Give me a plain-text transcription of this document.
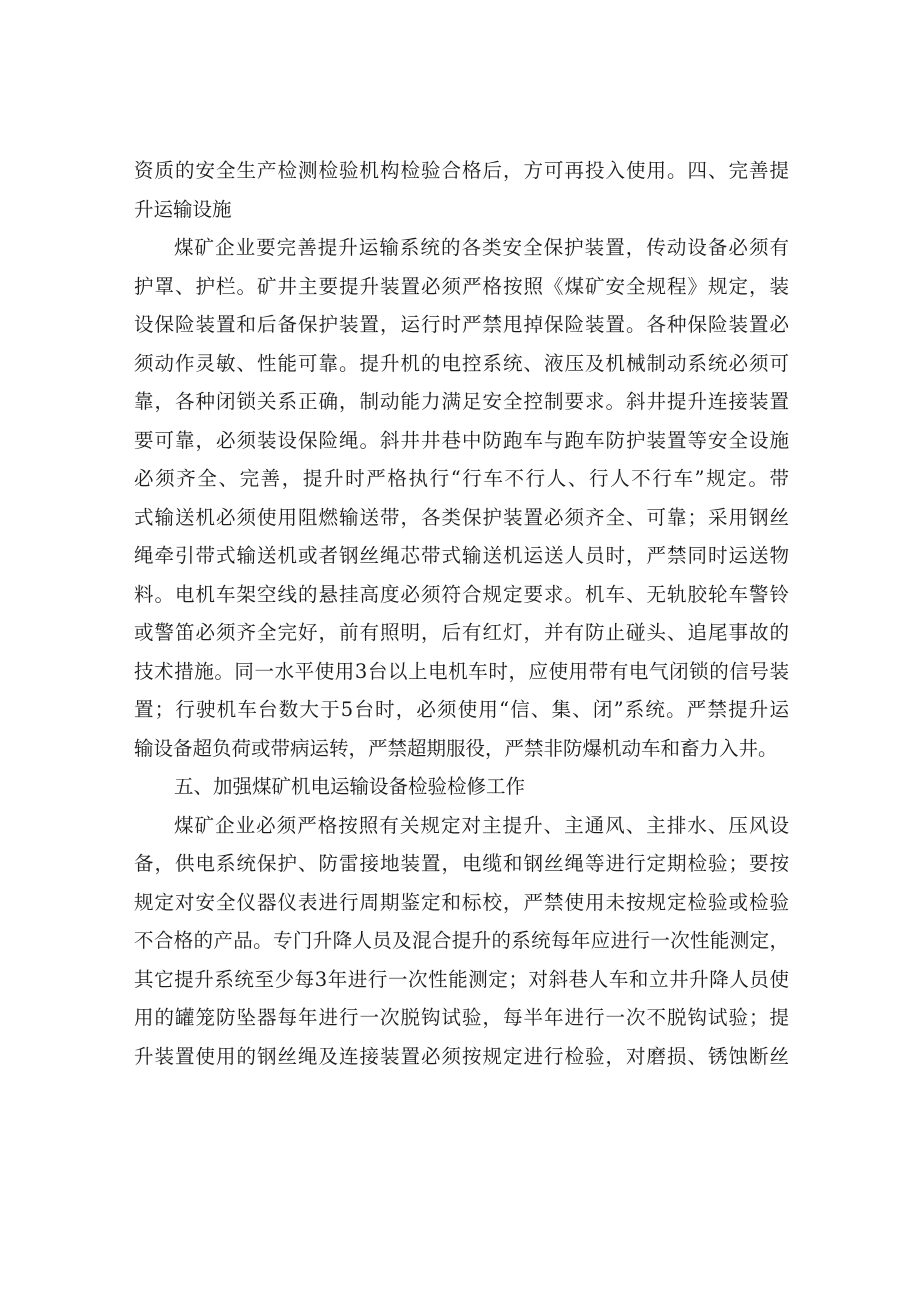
资质的安全生产检测检验机构检验合格后，方可再投入使用。四、完善提
升运输设施
煤矿企业要完善提升运输系统的各类安全保护装置，传动设备必须有
护罩、护栏。矿井主要提升装置必须严格按照《煤矿安全规程》规定，装
设保险装置和后备保护装置，运行时严禁甩掉保险装置。各种保险装置必
须动作灵敏、性能可靠。提升机的电控系统、液压及机械制动系统必须可
靠，各种闭锁关系正确，制动能力满足安全控制要求。斜井提升连接装置
要可靠，必须装设保险绳。斜井井巷中防跑车与跑车防护装置等安全设施
必须齐全、完善，提升时严格执行“行车不行人、行人不行车”规定。带
式输送机必须使用阻燃输送带，各类保护装置必须齐全、可靠；采用钢丝
绳牵引带式输送机或者钢丝绳芯带式输送机运送人员时，严禁同时运送物
料。电机车架空线的悬挂高度必须符合规定要求。机车、无轨胶轮车警铃
或警笛必须齐全完好，前有照明，后有红灯，并有防止碰头、追尾事故的
技术措施。同一水平使用3台以上电机车时，应使用带有电气闭锁的信号装
置；行驶机车台数大于5台时，必须使用“信、集、闭”系统。严禁提升运
输设备超负荷或带病运转，严禁超期服役，严禁非防爆机动车和畜力入井。
五、加强煤矿机电运输设备检验检修工作
煤矿企业必须严格按照有关规定对主提升、主通风、主排水、压风设
备，供电系统保护、防雷接地装置，电缆和钢丝绳等进行定期检验；要按
规定对安全仪器仪表进行周期鉴定和标校，严禁使用未按规定检验或检验
不合格的产品。专门升降人员及混合提升的系统每年应进行一次性能测定，
其它提升系统至少每3年进行一次性能测定；对斜巷人车和立井升降人员使
用的罐笼防坠器每年进行一次脱钩试验，每半年进行一次不脱钩试验；提
升装置使用的钢丝绳及连接装置必须按规定进行检验，对磨损、锈蚀断丝
